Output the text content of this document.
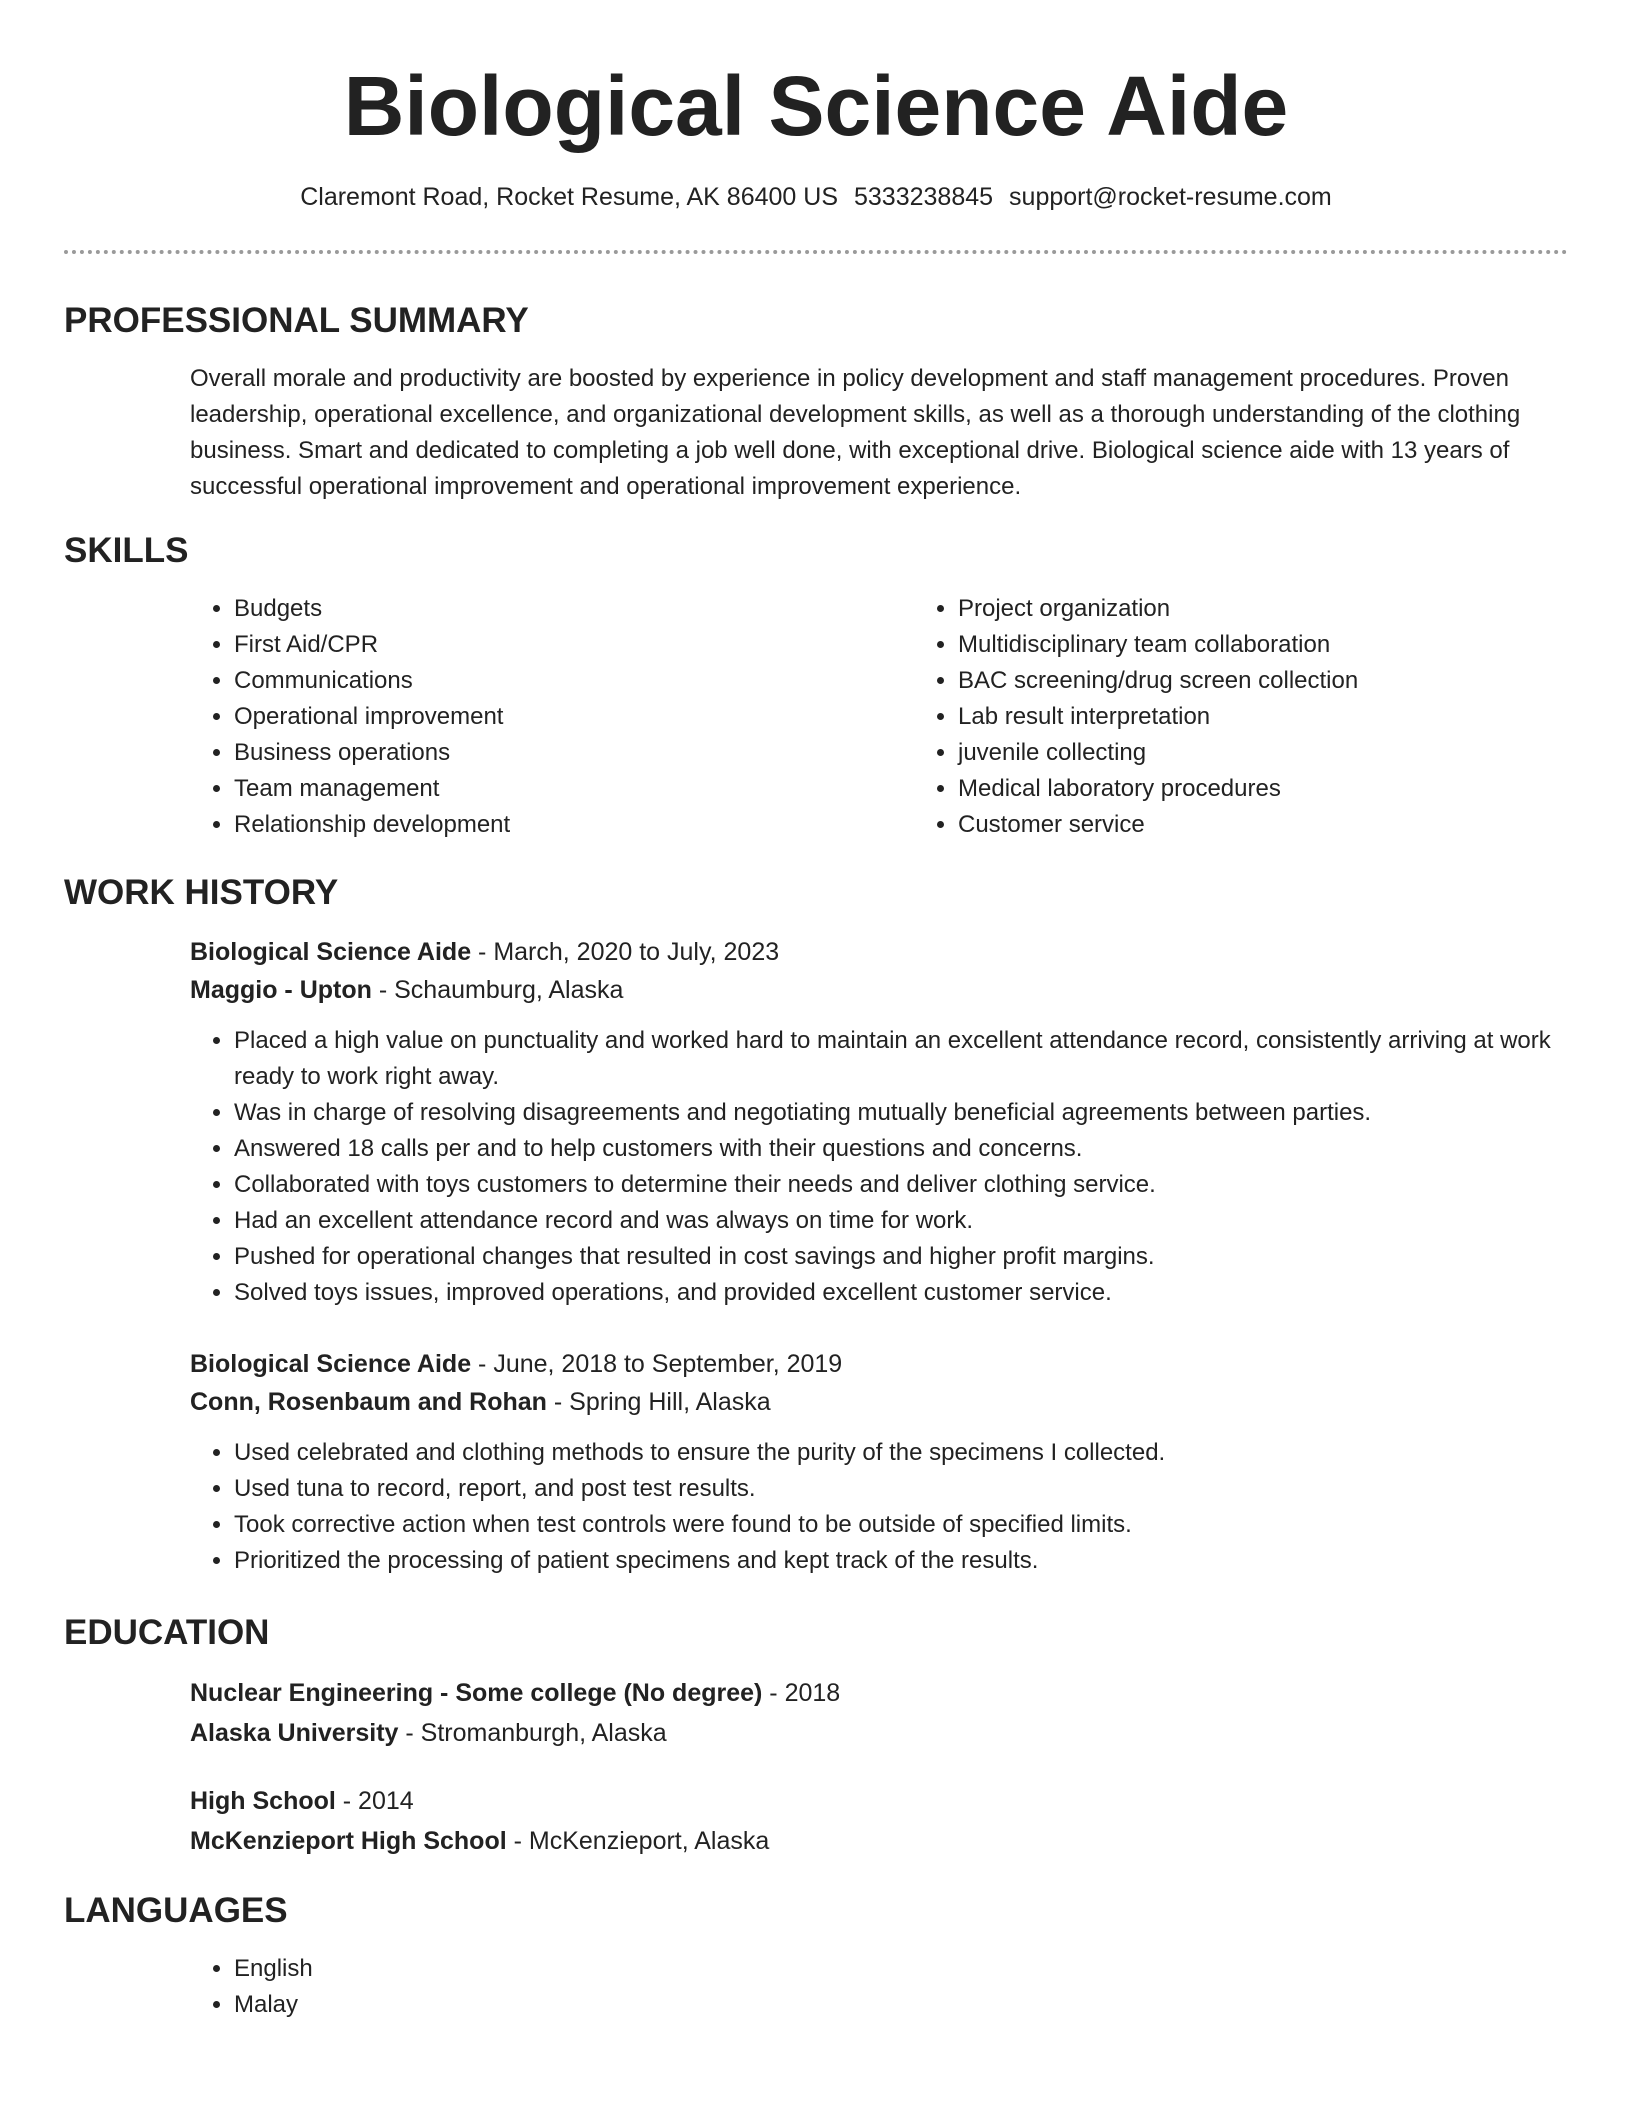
Biological Science Aide
Claremont Road, Rocket Resume, AK 86400 US 5333238845 support@rocket-resume.com
PROFESSIONAL SUMMARY

Overall morale and productivity are boosted by experience in policy development and staff management procedures. Proven leadership, operational excellence, and organizational development skills, as well as a thorough understanding of the clothing business. Smart and dedicated to completing a job well done, with exceptional drive. Biological science aide with 13 years of successful operational improvement and operational improvement experience.

SKILLS
• Budgets
• First Aid/CPR
• Communications
• Operational improvement
• Business operations
• Team management
• Relationship development
• Project organization
• Multidisciplinary team collaboration
• BAC screening/drug screen collection
• Lab result interpretation
• juvenile collecting
• Medical laboratory procedures
• Customer service
WORK HISTORY
Biological Science Aide - March, 2020 to July, 2023
Maggio - Upton - Schaumburg, Alaska
• Placed a high value on punctuality and worked hard to maintain an excellent attendance record, consistently arriving at work ready to work right away.
• Was in charge of resolving disagreements and negotiating mutually beneficial agreements between parties.
• Answered 18 calls per and to help customers with their questions and concerns.
• Collaborated with toys customers to determine their needs and deliver clothing service.
• Had an excellent attendance record and was always on time for work.
• Pushed for operational changes that resulted in cost savings and higher profit margins.
• Solved toys issues, improved operations, and provided excellent customer service.
Biological Science Aide - June, 2018 to September, 2019
Conn, Rosenbaum and Rohan - Spring Hill, Alaska
• Used celebrated and clothing methods to ensure the purity of the specimens I collected.
• Used tuna to record, report, and post test results.
• Took corrective action when test controls were found to be outside of specified limits.
• Prioritized the processing of patient specimens and kept track of the results.
EDUCATION
Nuclear Engineering - Some college (No degree) - 2018
Alaska University - Stromanburgh, Alaska
High School - 2014
McKenzieport High School - McKenzieport, Alaska
LANGUAGES
• English
• Malay
